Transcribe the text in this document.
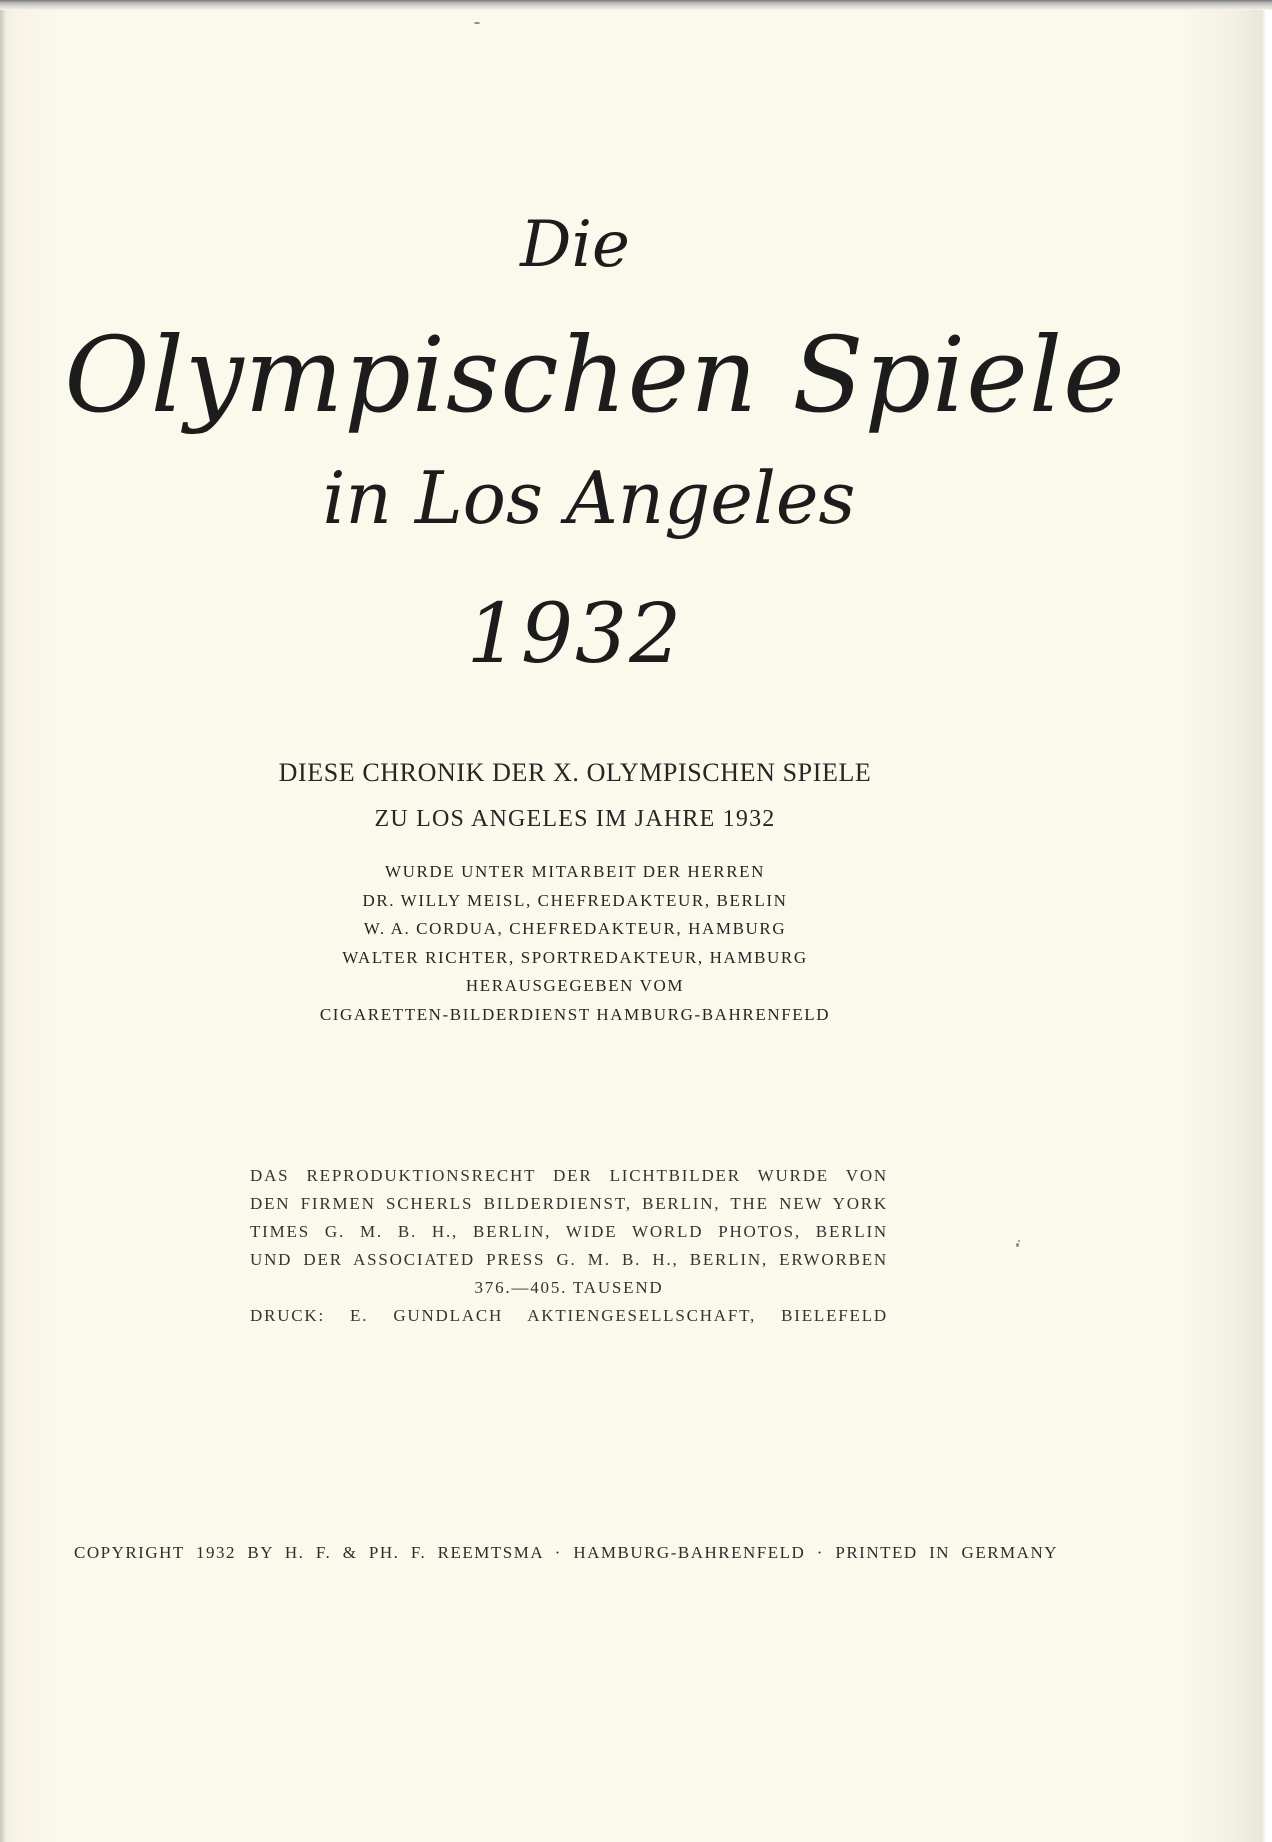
Die
Olympischen Spiele
in Los Angeles
1932
DIESE CHRONIK DER X. OLYMPISCHEN SPIELE
ZU LOS ANGELES IM JAHRE 1932
WURDE UNTER MITARBEIT DER HERREN
DR. WILLY MEISL, CHEFREDAKTEUR, BERLIN
W. A. CORDUA, CHEFREDAKTEUR, HAMBURG
WALTER RICHTER, SPORTREDAKTEUR, HAMBURG
HERAUSGEGEBEN VOM
CIGARETTEN-BILDERDIENST HAMBURG-BAHRENFELD
DAS REPRODUKTIONSRECHT DER LICHTBILDER WURDE VON
DEN FIRMEN SCHERLS BILDERDIENST, BERLIN, THE NEW YORK
TIMES G. M. B. H., BERLIN, WIDE WORLD PHOTOS, BERLIN
UND DER ASSOCIATED PRESS G. M. B. H., BERLIN, ERWORBEN
376.—405. TAUSEND
DRUCK: E. GUNDLACH AKTIENGESELLSCHAFT, BIELEFELD
COPYRIGHT 1932 BY H. F. & PH. F. REEMTSMA · HAMBURG-BAHRENFELD · PRINTED IN GERMANY
